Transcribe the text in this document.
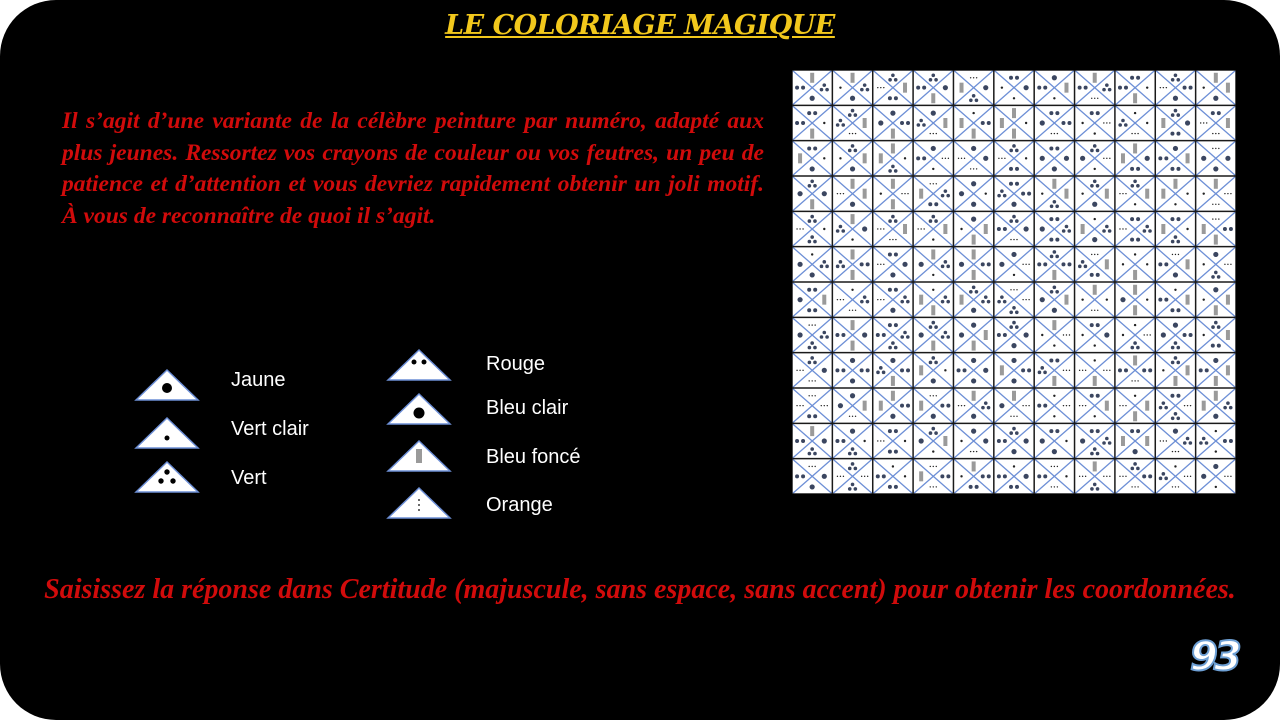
LE COLORIAGE MAGIQUE
Il s’agit d’une variante de la célèbre peinture par numéro, adapté aux plus jeunes. Ressortez vos crayons de couleur ou vos feutres, un peu de patience et d’attention et vous devriez rapidement obtenir un joli motif. À vous de reconnaître de quoi il s’agit.
Jaune
Vert clair
Vert
Rouge
Bleu clair
Bleu foncé
Orange
Saisissez la réponse dans Certitude (majuscule, sans espace, sans accent) pour obtenir les coordonnées.
93
